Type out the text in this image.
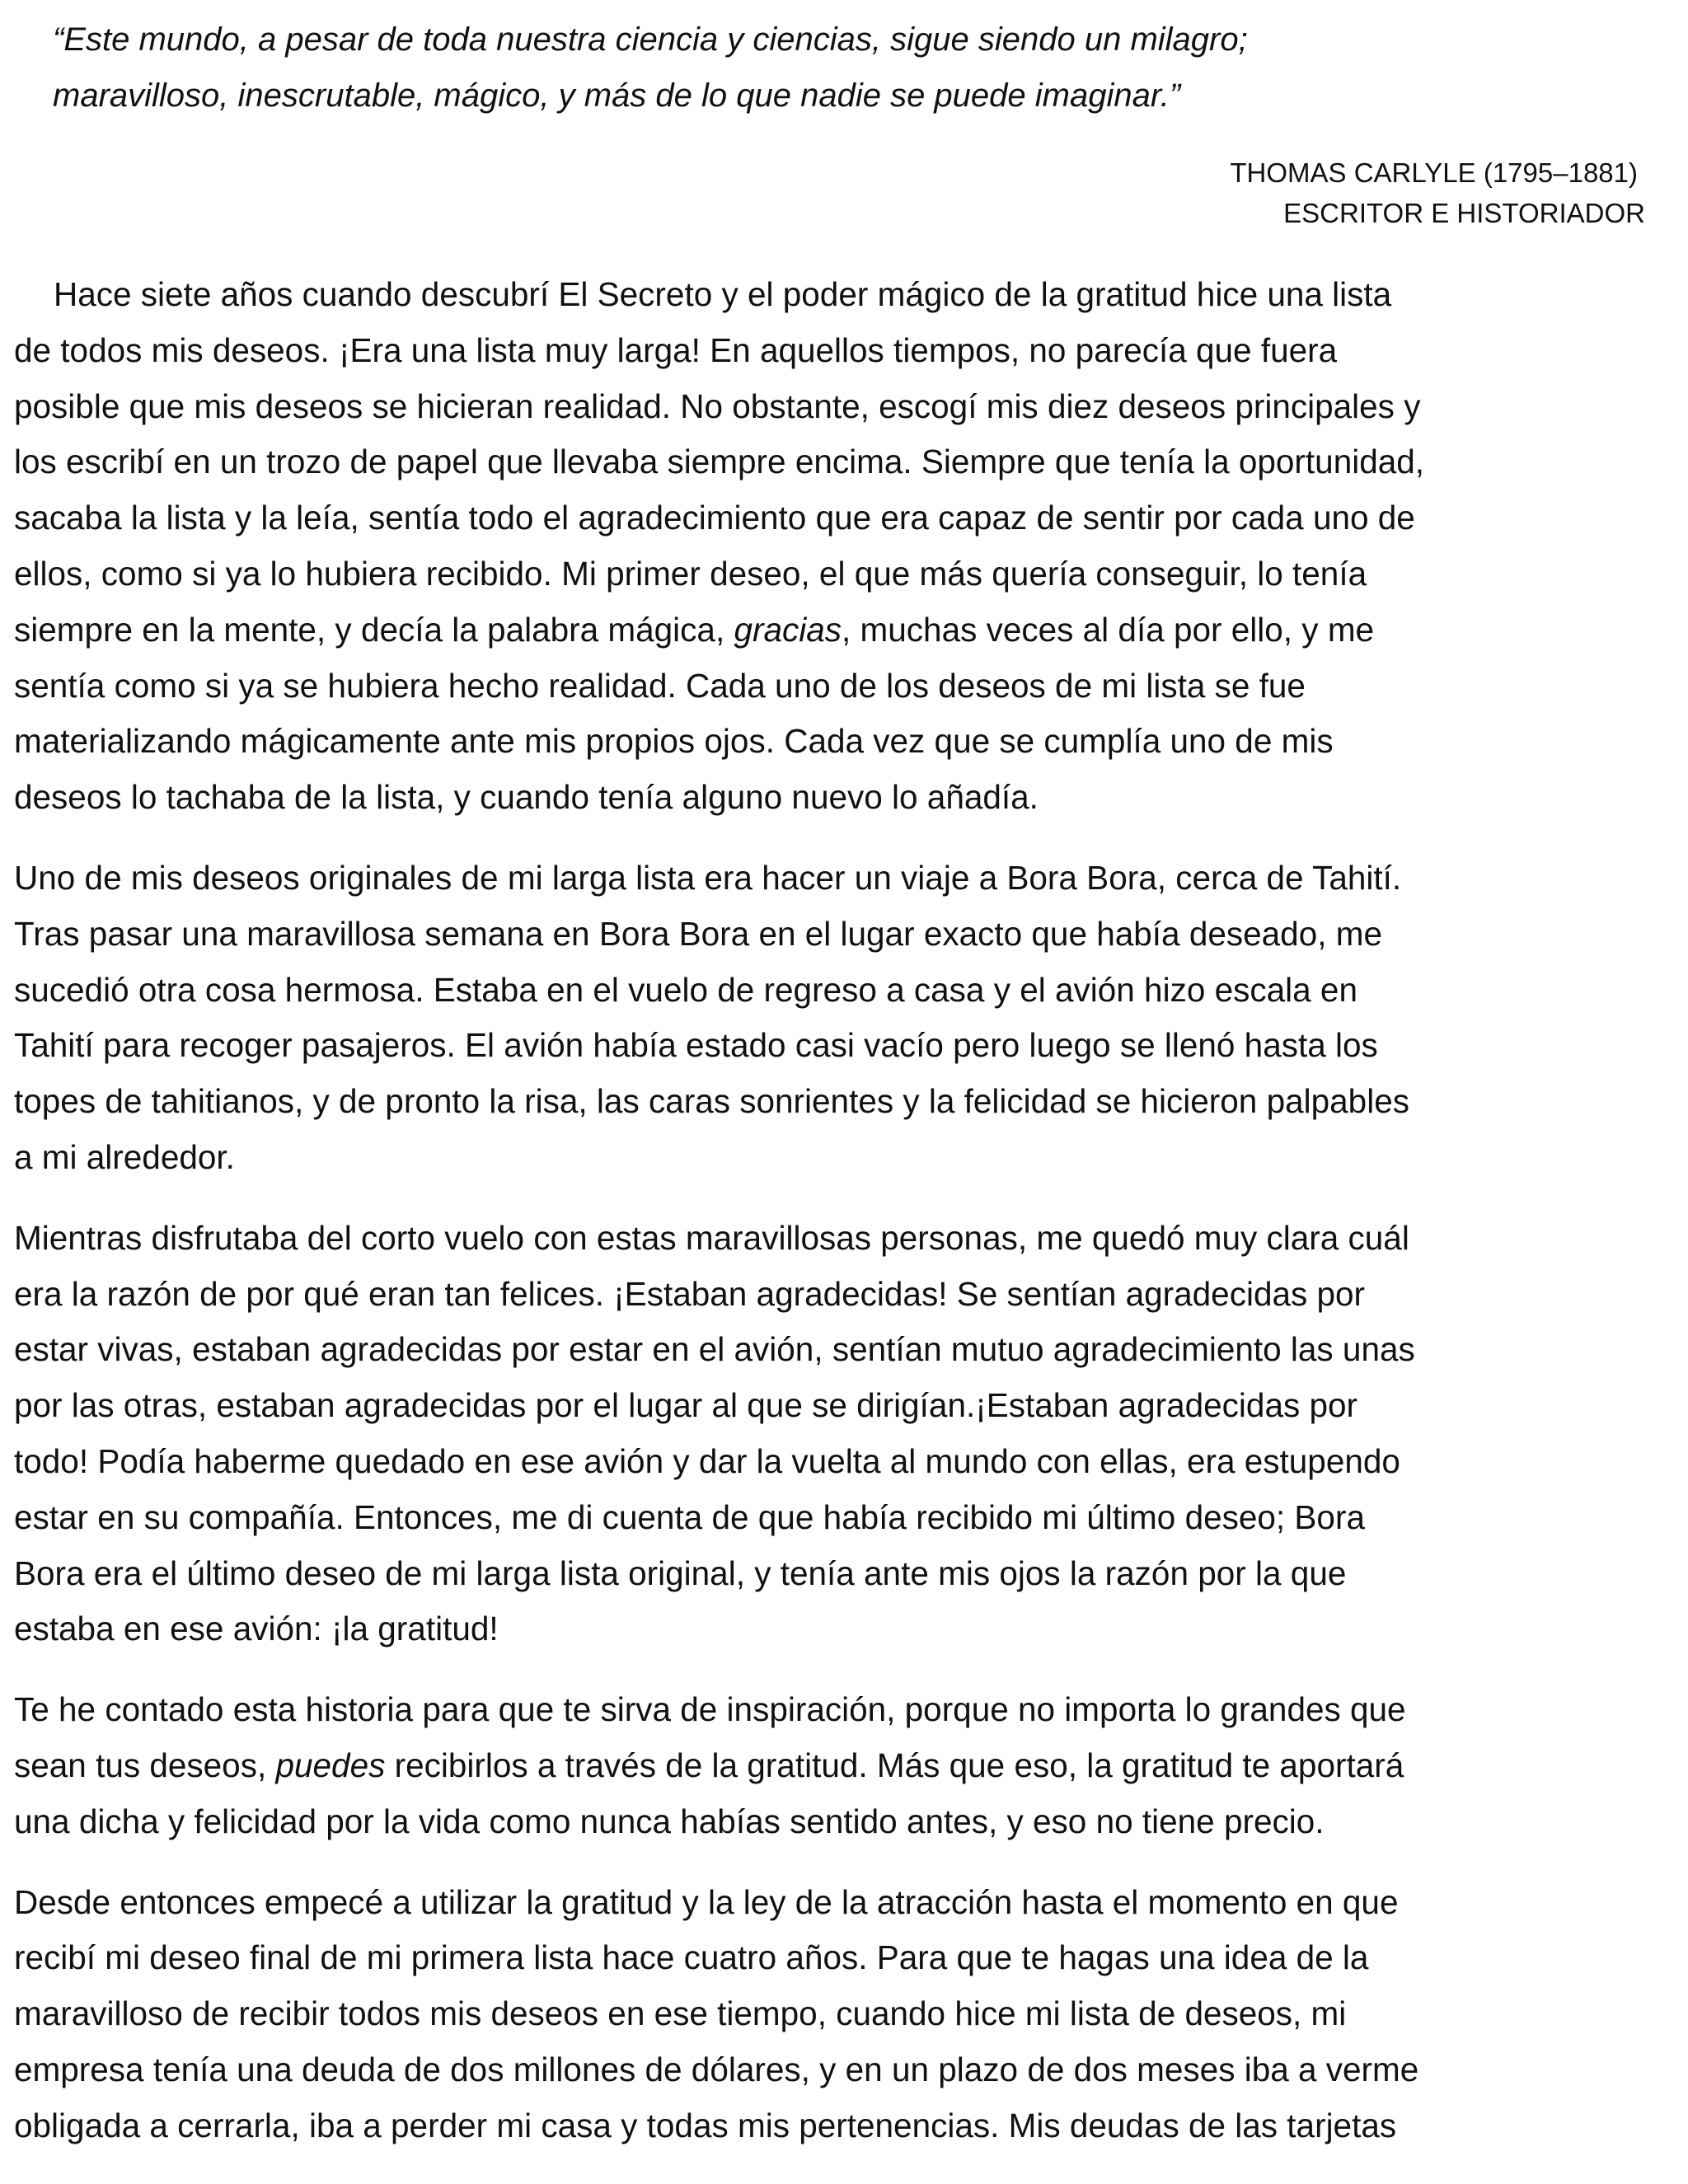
“Este mundo, a pesar de toda nuestra ciencia y ciencias, sigue siendo un milagro;
maravilloso, inescrutable, mágico, y más de lo que nadie se puede imaginar.”
THOMAS CARLYLE (1795–1881)
ESCRITOR E HISTORIADOR

Hace siete años cuando descubrí El Secreto y el poder mágico de la gratitud hice una lista
de todos mis deseos. ¡Era una lista muy larga! En aquellos tiempos, no parecía que fuera
posible que mis deseos se hicieran realidad. No obstante, escogí mis diez deseos principales y
los escribí en un trozo de papel que llevaba siempre encima. Siempre que tenía la oportunidad,
sacaba la lista y la leía, sentía todo el agradecimiento que era capaz de sentir por cada uno de
ellos, como si ya lo hubiera recibido. Mi primer deseo, el que más quería conseguir, lo tenía
siempre en la mente, y decía la palabra mágica, gracias, muchas veces al día por ello, y me
sentía como si ya se hubiera hecho realidad. Cada uno de los deseos de mi lista se fue
materializando mágicamente ante mis propios ojos. Cada vez que se cumplía uno de mis
deseos lo tachaba de la lista, y cuando tenía alguno nuevo lo añadía.

Uno de mis deseos originales de mi larga lista era hacer un viaje a Bora Bora, cerca de Tahití.
Tras pasar una maravillosa semana en Bora Bora en el lugar exacto que había deseado, me
sucedió otra cosa hermosa. Estaba en el vuelo de regreso a casa y el avión hizo escala en
Tahití para recoger pasajeros. El avión había estado casi vacío pero luego se llenó hasta los
topes de tahitianos, y de pronto la risa, las caras sonrientes y la felicidad se hicieron palpables
a mi alrededor.

Mientras disfrutaba del corto vuelo con estas maravillosas personas, me quedó muy clara cuál
era la razón de por qué eran tan felices. ¡Estaban agradecidas! Se sentían agradecidas por
estar vivas, estaban agradecidas por estar en el avión, sentían mutuo agradecimiento las unas
por las otras, estaban agradecidas por el lugar al que se dirigían.¡Estaban agradecidas por
todo! Podía haberme quedado en ese avión y dar la vuelta al mundo con ellas, era estupendo
estar en su compañía. Entonces, me di cuenta de que había recibido mi último deseo; Bora
Bora era el último deseo de mi larga lista original, y tenía ante mis ojos la razón por la que
estaba en ese avión: ¡la gratitud!

Te he contado esta historia para que te sirva de inspiración, porque no importa lo grandes que
sean tus deseos, puedes recibirlos a través de la gratitud. Más que eso, la gratitud te aportará
una dicha y felicidad por la vida como nunca habías sentido antes, y eso no tiene precio.

Desde entonces empecé a utilizar la gratitud y la ley de la atracción hasta el momento en que
recibí mi deseo final de mi primera lista hace cuatro años. Para que te hagas una idea de la
maravilloso de recibir todos mis deseos en ese tiempo, cuando hice mi lista de deseos, mi
empresa tenía una deuda de dos millones de dólares, y en un plazo de dos meses iba a verme
obligada a cerrarla, iba a perder mi casa y todas mis pertenencias. Mis deudas de las tarjetas
